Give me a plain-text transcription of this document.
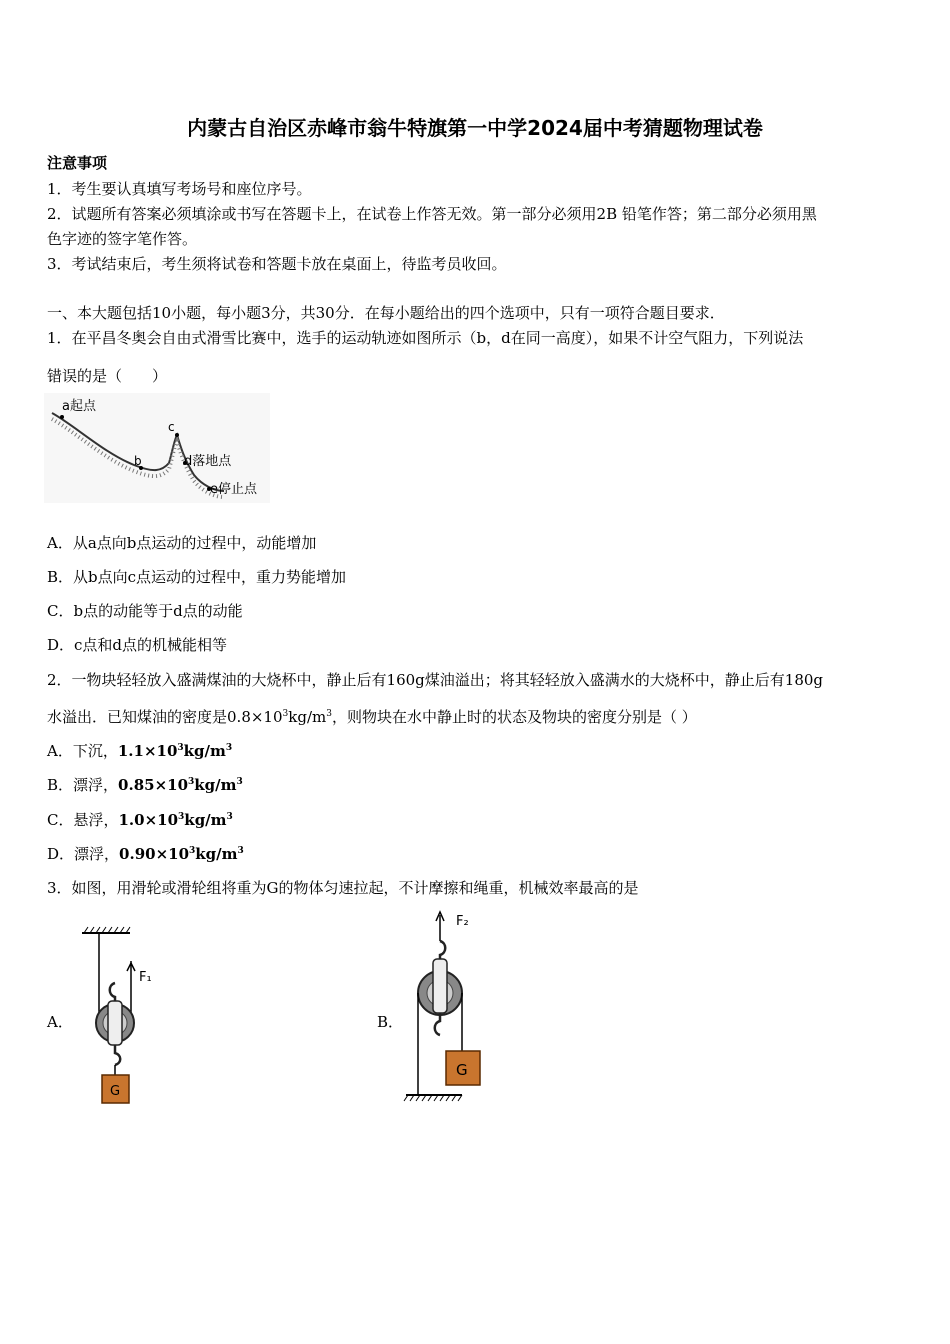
内蒙古自治区赤峰市翁牛特旗第一中学2024届中考猜题物理试卷
注意事项
1．考生要认真填写考场号和座位序号。
2．试题所有答案必须填涂或书写在答题卡上，在试卷上作答无效。第一部分必须用2B 铅笔作答；第二部分必须用黑
色字迹的签字笔作答。
3．考试结束后，考生须将试卷和答题卡放在桌面上，待监考员收回。
一、本大题包括10小题，每小题3分，共30分．在每小题给出的四个选项中，只有一项符合题目要求．
1．在平昌冬奥会自由式滑雪比赛中，选手的运动轨迹如图所示（b，d在同一高度），如果不计空气阻力，下列说法
错误的是（　　）
a起点
b
c
d落地点
e停止点
A．从a点向b点运动的过程中，动能增加
B．从b点向c点运动的过程中，重力势能增加
C．b点的动能等于d点的动能
D．c点和d点的机械能相等
2．一物块轻轻放入盛满煤油的大烧杯中，静止后有160g煤油溢出；将其轻轻放入盛满水的大烧杯中，静止后有180g
水溢出．已知煤油的密度是$0.8\times 10^3kg/m^3$，则物块在水中静止时的状态及物块的密度分别是（ ）
A．下沉，$1.1\times 10^3kg/m^3$
B．漂浮，$0.85\times 10^3kg/m^3$
C．悬浮，$1.0\times 10^3kg/m^3$
D．漂浮，$0.90\times 10^3kg/m^3$
3．如图，用滑轮或滑轮组将重为G的物体匀速拉起，不计摩擦和绳重，机械效率最高的是
A．	B．
F₁
G
F₂
G
